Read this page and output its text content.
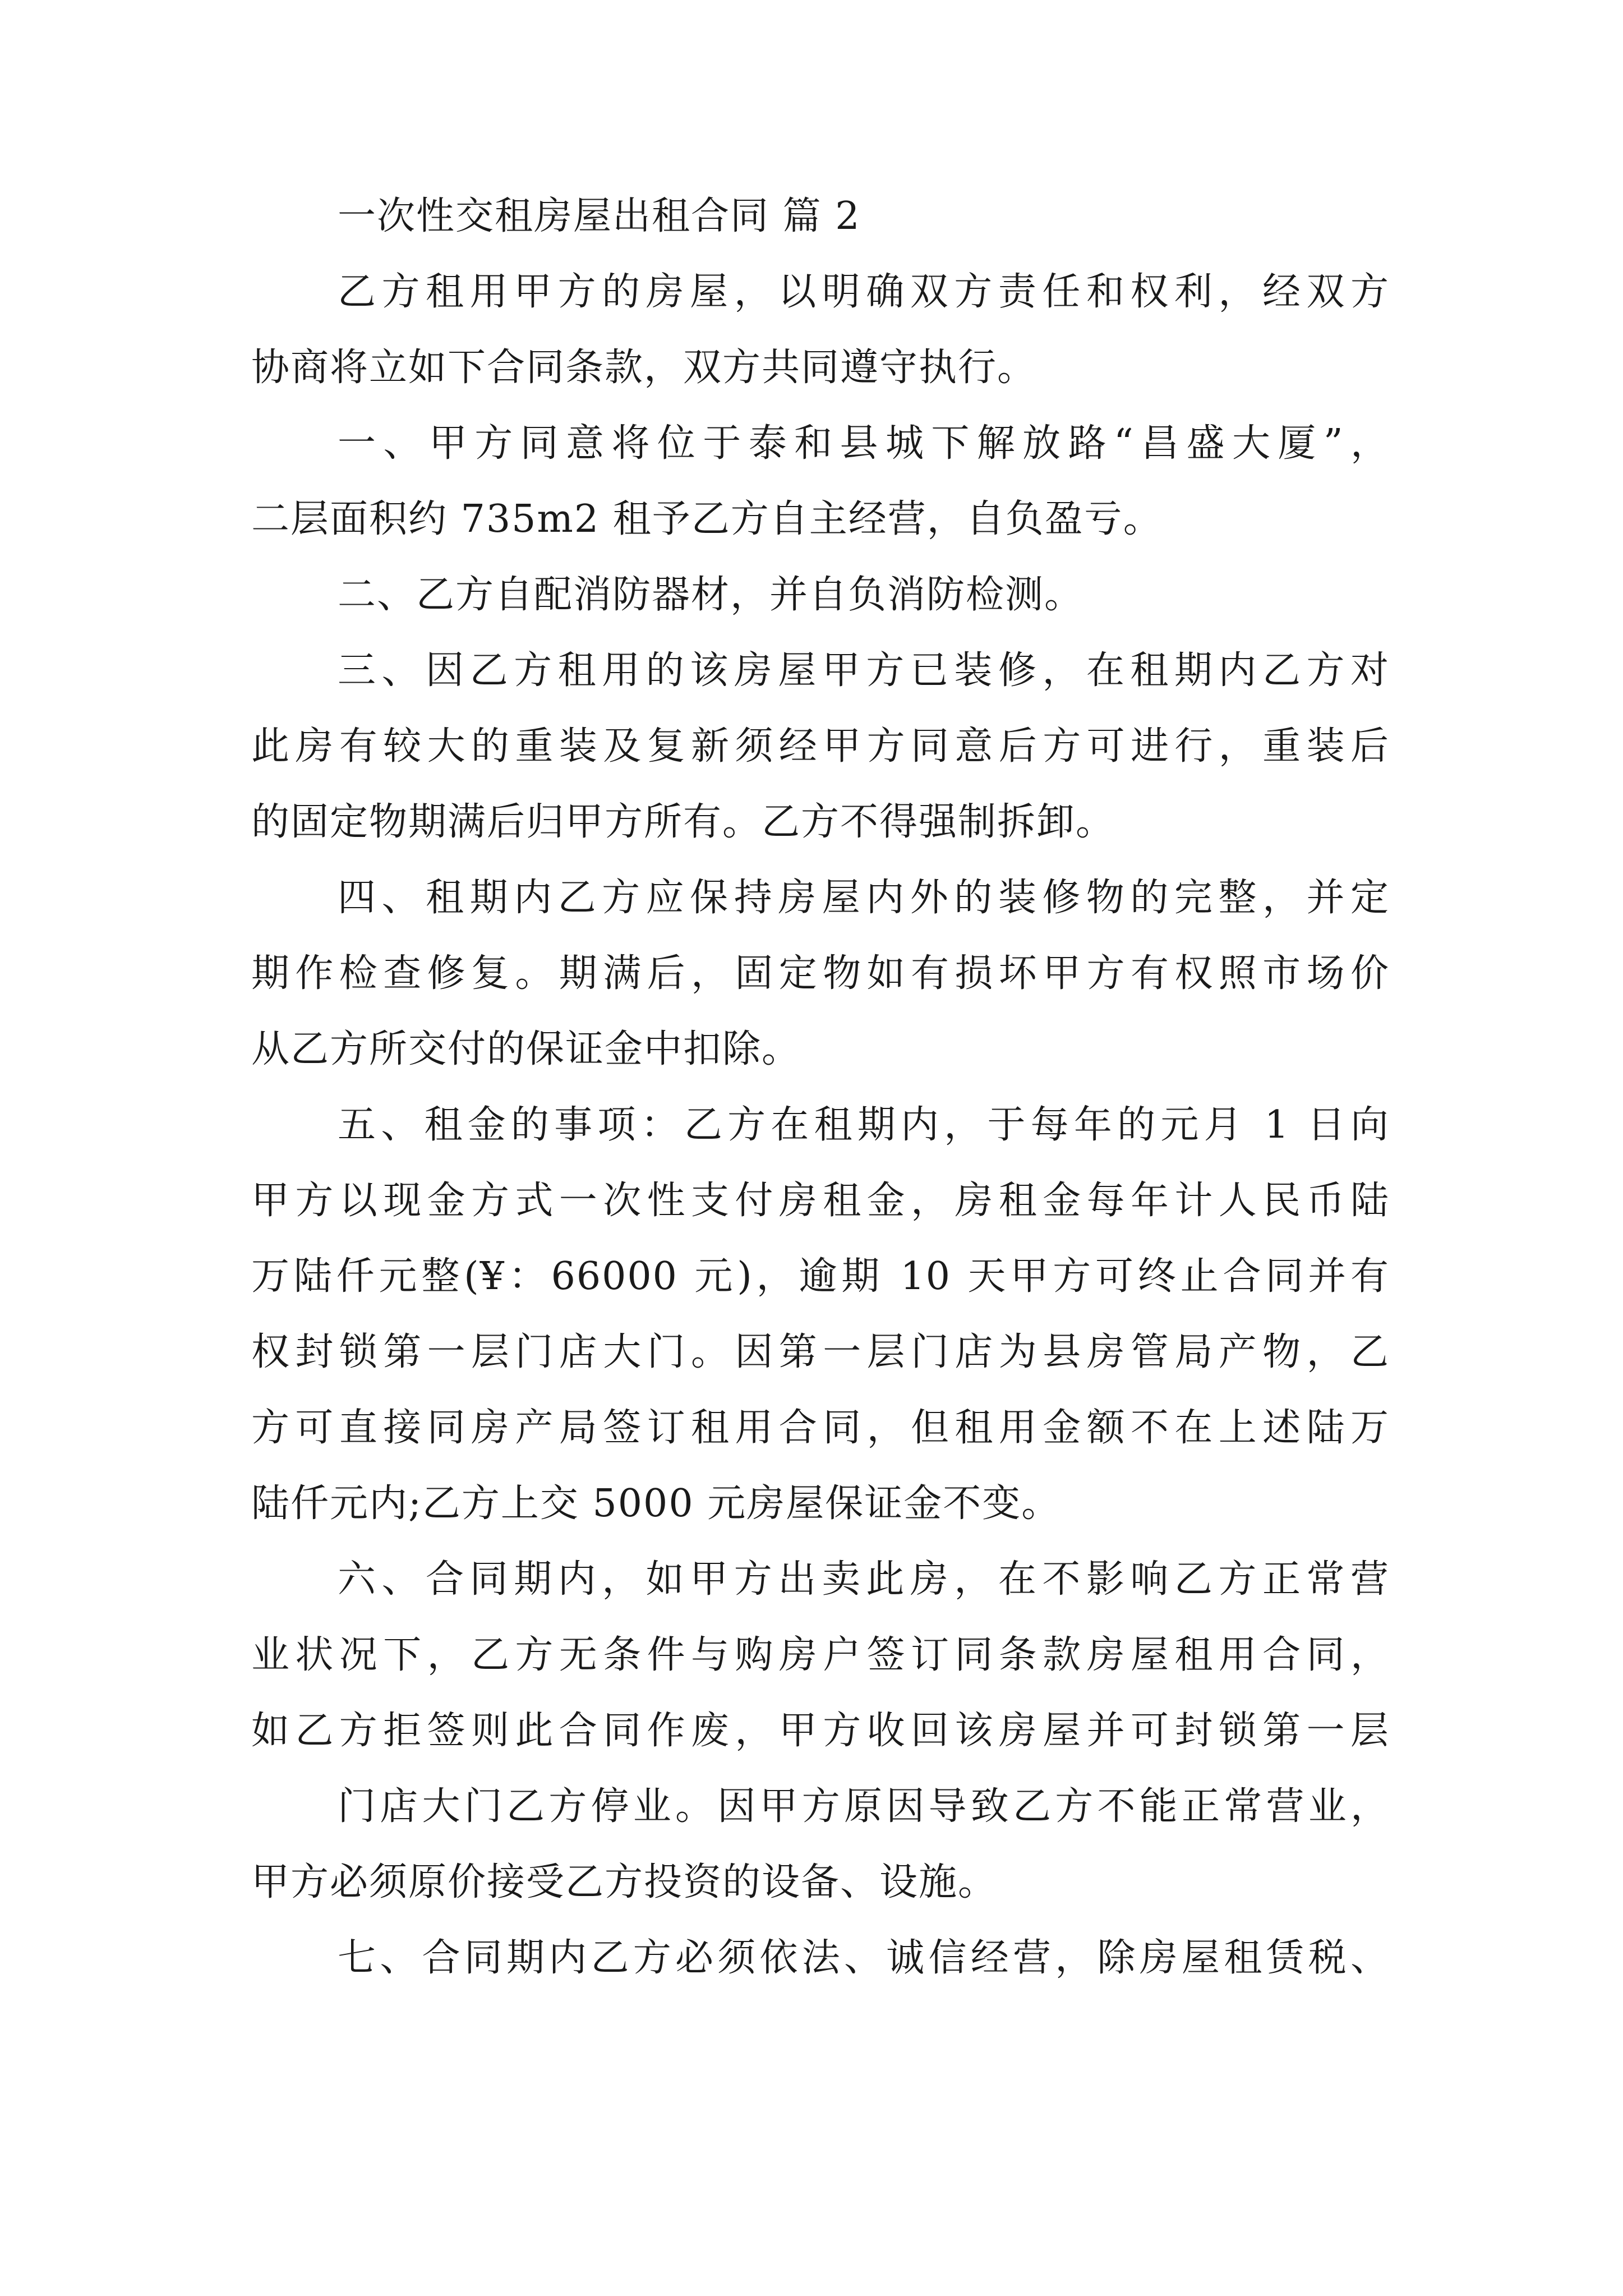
一次性交租房屋出租合同 篇 2
乙方租用甲方的房屋，以明确双方责任和权利，经双方
协商将立如下合同条款，双方共同遵守执行。
一、甲方同意将位于泰和县城下解放路“昌盛大厦”，
二层面积约 735m2 租予乙方自主经营，自负盈亏。
二、乙方自配消防器材，并自负消防检测。
三、因乙方租用的该房屋甲方已装修，在租期内乙方对
此房有较大的重装及复新须经甲方同意后方可进行，重装后
的固定物期满后归甲方所有。乙方不得强制拆卸。
四、租期内乙方应保持房屋内外的装修物的完整，并定
期作检查修复。期满后，固定物如有损坏甲方有权照市场价
从乙方所交付的保证金中扣除。
五、租金的事项：乙方在租期内，于每年的元月 1 日向
甲方以现金方式一次性支付房租金，房租金每年计人民币陆
万陆仟元整(¥：66000 元)，逾期 10 天甲方可终止合同并有
权封锁第一层门店大门。因第一层门店为县房管局产物，乙
方可直接同房产局签订租用合同，但租用金额不在上述陆万
陆仟元内;乙方上交 5000 元房屋保证金不变。
六、合同期内，如甲方出卖此房，在不影响乙方正常营
业状况下，乙方无条件与购房户签订同条款房屋租用合同，
如乙方拒签则此合同作废，甲方收回该房屋并可封锁第一层
门店大门乙方停业。因甲方原因导致乙方不能正常营业，
甲方必须原价接受乙方投资的设备、设施。
七、合同期内乙方必须依法、诚信经营，除房屋租赁税、
